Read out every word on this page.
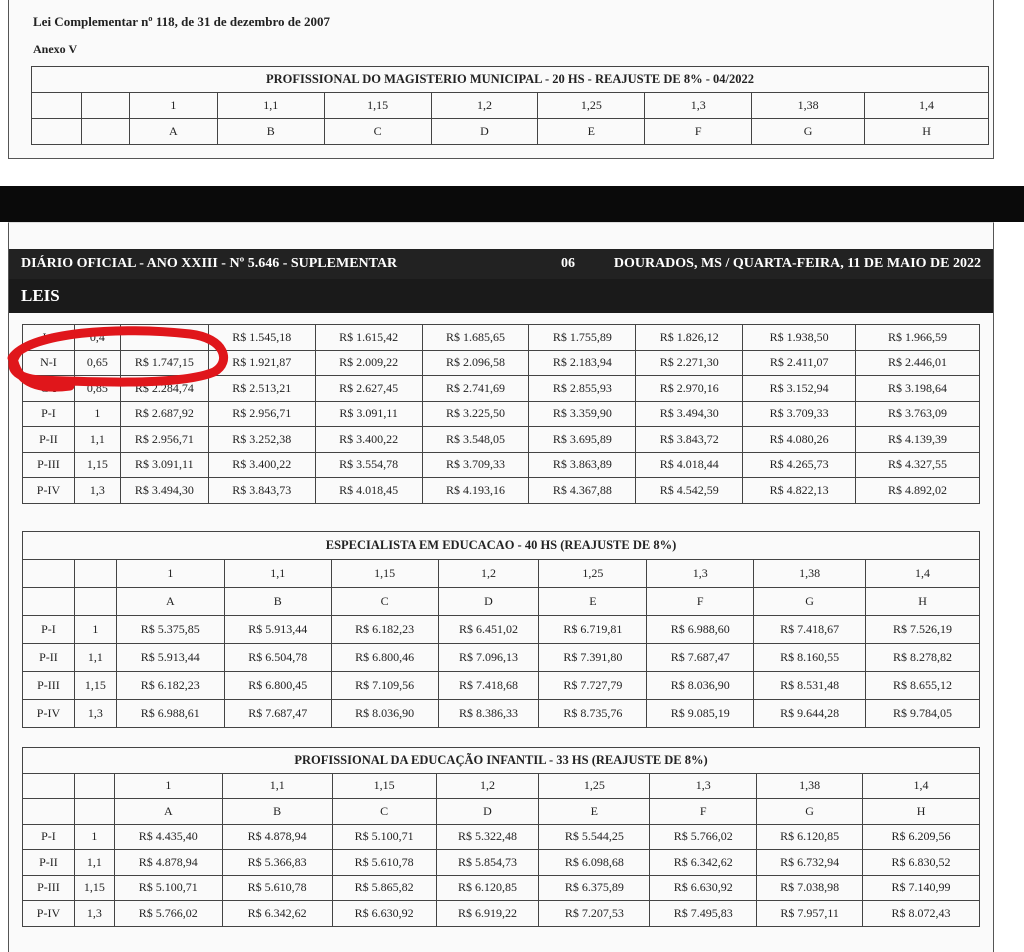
Lei Complementar nº 118, de 31 de dezembro de 2007
Anexo V
PROFISSIONAL DO MAGISTERIO MUNICIPAL - 20 HS - REAJUSTE DE 8% - 04/2022									
		1	1,1	1,15	1,2	1,25	1,3	1,38	1,4
		A	B	C	D	E	F	G	H
DIÁRIO OFICIAL - ANO XXIII - Nº 5.646 - SUPLEMENTAR	06	DOURADOS, MS / QUARTA-FEIRA, 11 DE MAIO DE 2022
LEIS
I-I	0,4		R$ 1.545,18	R$ 1.615,42	R$ 1.685,65	R$ 1.755,89	R$ 1.826,12	R$ 1.938,50	R$ 1.966,59
N-I	0,65	R$ 1.747,15	R$ 1.921,87	R$ 2.009,22	R$ 2.096,58	R$ 2.183,94	R$ 2.271,30	R$ 2.411,07	R$ 2.446,01
C-I	0,85	R$ 2.284,74	R$ 2.513,21	R$ 2.627,45	R$ 2.741,69	R$ 2.855,93	R$ 2.970,16	R$ 3.152,94	R$ 3.198,64
P-I	1	R$ 2.687,92	R$ 2.956,71	R$ 3.091,11	R$ 3.225,50	R$ 3.359,90	R$ 3.494,30	R$ 3.709,33	R$ 3.763,09
P-II	1,1	R$ 2.956,71	R$ 3.252,38	R$ 3.400,22	R$ 3.548,05	R$ 3.695,89	R$ 3.843,72	R$ 4.080,26	R$ 4.139,39
P-III	1,15	R$ 3.091,11	R$ 3.400,22	R$ 3.554,78	R$ 3.709,33	R$ 3.863,89	R$ 4.018,44	R$ 4.265,73	R$ 4.327,55
P-IV	1,3	R$ 3.494,30	R$ 3.843,73	R$ 4.018,45	R$ 4.193,16	R$ 4.367,88	R$ 4.542,59	R$ 4.822,13	R$ 4.892,02
ESPECIALISTA EM EDUCACAO - 40 HS (REAJUSTE DE 8%)									
		1	1,1	1,15	1,2	1,25	1,3	1,38	1,4
		A	B	C	D	E	F	G	H
P-I	1	R$ 5.375,85	R$ 5.913,44	R$ 6.182,23	R$ 6.451,02	R$ 6.719,81	R$ 6.988,60	R$ 7.418,67	R$ 7.526,19
P-II	1,1	R$ 5.913,44	R$ 6.504,78	R$ 6.800,46	R$ 7.096,13	R$ 7.391,80	R$ 7.687,47	R$ 8.160,55	R$ 8.278,82
P-III	1,15	R$ 6.182,23	R$ 6.800,45	R$ 7.109,56	R$ 7.418,68	R$ 7.727,79	R$ 8.036,90	R$ 8.531,48	R$ 8.655,12
P-IV	1,3	R$ 6.988,61	R$ 7.687,47	R$ 8.036,90	R$ 8.386,33	R$ 8.735,76	R$ 9.085,19	R$ 9.644,28	R$ 9.784,05
PROFISSIONAL DA EDUCAÇÃO INFANTIL - 33 HS (REAJUSTE DE 8%)									
		1	1,1	1,15	1,2	1,25	1,3	1,38	1,4
		A	B	C	D	E	F	G	H
P-I	1	R$ 4.435,40	R$ 4.878,94	R$ 5.100,71	R$ 5.322,48	R$ 5.544,25	R$ 5.766,02	R$ 6.120,85	R$ 6.209,56
P-II	1,1	R$ 4.878,94	R$ 5.366,83	R$ 5.610,78	R$ 5.854,73	R$ 6.098,68	R$ 6.342,62	R$ 6.732,94	R$ 6.830,52
P-III	1,15	R$ 5.100,71	R$ 5.610,78	R$ 5.865,82	R$ 6.120,85	R$ 6.375,89	R$ 6.630,92	R$ 7.038,98	R$ 7.140,99
P-IV	1,3	R$ 5.766,02	R$ 6.342,62	R$ 6.630,92	R$ 6.919,22	R$ 7.207,53	R$ 7.495,83	R$ 7.957,11	R$ 8.072,43
